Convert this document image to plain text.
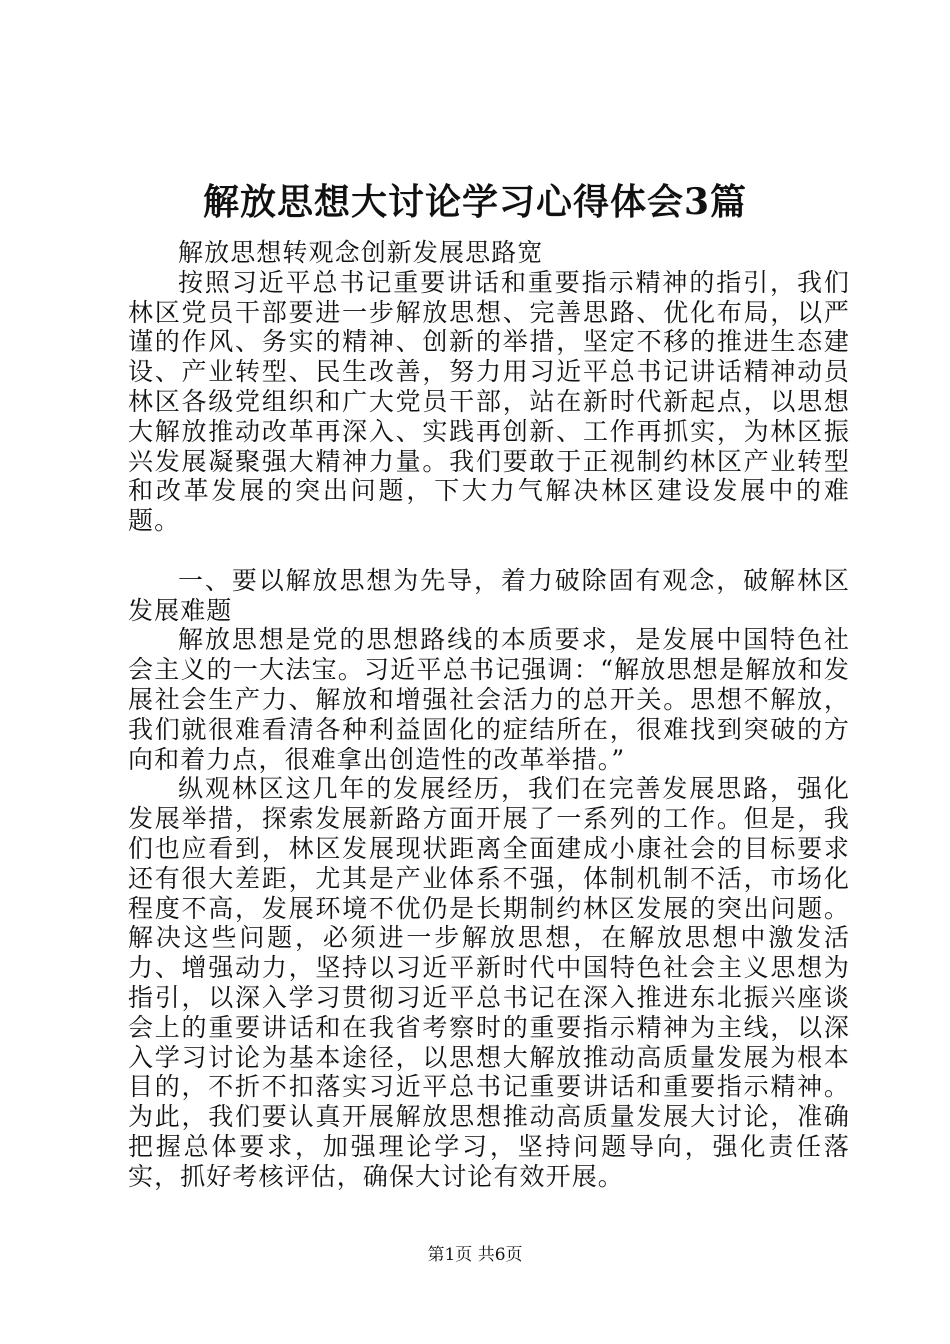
解放思想大讨论学习心得体会3篇

解放思想转观念创新发展思路宽

按照习近平总书记重要讲话和重要指示精神的指引，我们林区党员干部要进一步解放思想、完善思路、优化布局，以严谨的作风、务实的精神、创新的举措，坚定不移的推进生态建设、产业转型、民生改善，努力用习近平总书记讲话精神动员林区各级党组织和广大党员干部，站在新时代新起点，以思想大解放推动改革再深入、实践再创新、工作再抓实，为林区振兴发展凝聚强大精神力量。我们要敢于正视制约林区产业转型和改革发展的突出问题，下大力气解决林区建设发展中的难题。

一、要以解放思想为先导，着力破除固有观念，破解林区发展难题

解放思想是党的思想路线的本质要求，是发展中国特色社会主义的一大法宝。习近平总书记强调：“解放思想是解放和发展社会生产力、解放和增强社会活力的总开关。思想不解放，我们就很难看清各种利益固化的症结所在，很难找到突破的方向和着力点，很难拿出创造性的改革举措。”

纵观林区这几年的发展经历，我们在完善发展思路，强化发展举措，探索发展新路方面开展了一系列的工作。但是，我们也应看到，林区发展现状距离全面建成小康社会的目标要求还有很大差距，尤其是产业体系不强，体制机制不活，市场化程度不高，发展环境不优仍是长期制约林区发展的突出问题。解决这些问题，必须进一步解放思想，在解放思想中激发活力、增强动力，坚持以习近平新时代中国特色社会主义思想为指引，以深入学习贯彻习近平总书记在深入推进东北振兴座谈会上的重要讲话和在我省考察时的重要指示精神为主线，以深入学习讨论为基本途径，以思想大解放推动高质量发展为根本目的，不折不扣落实习近平总书记重要讲话和重要指示精神。为此，我们要认真开展解放思想推动高质量发展大讨论，准确把握总体要求，加强理论学习，坚持问题导向，强化责任落实，抓好考核评估，确保大讨论有效开展。

第1页 共6页
